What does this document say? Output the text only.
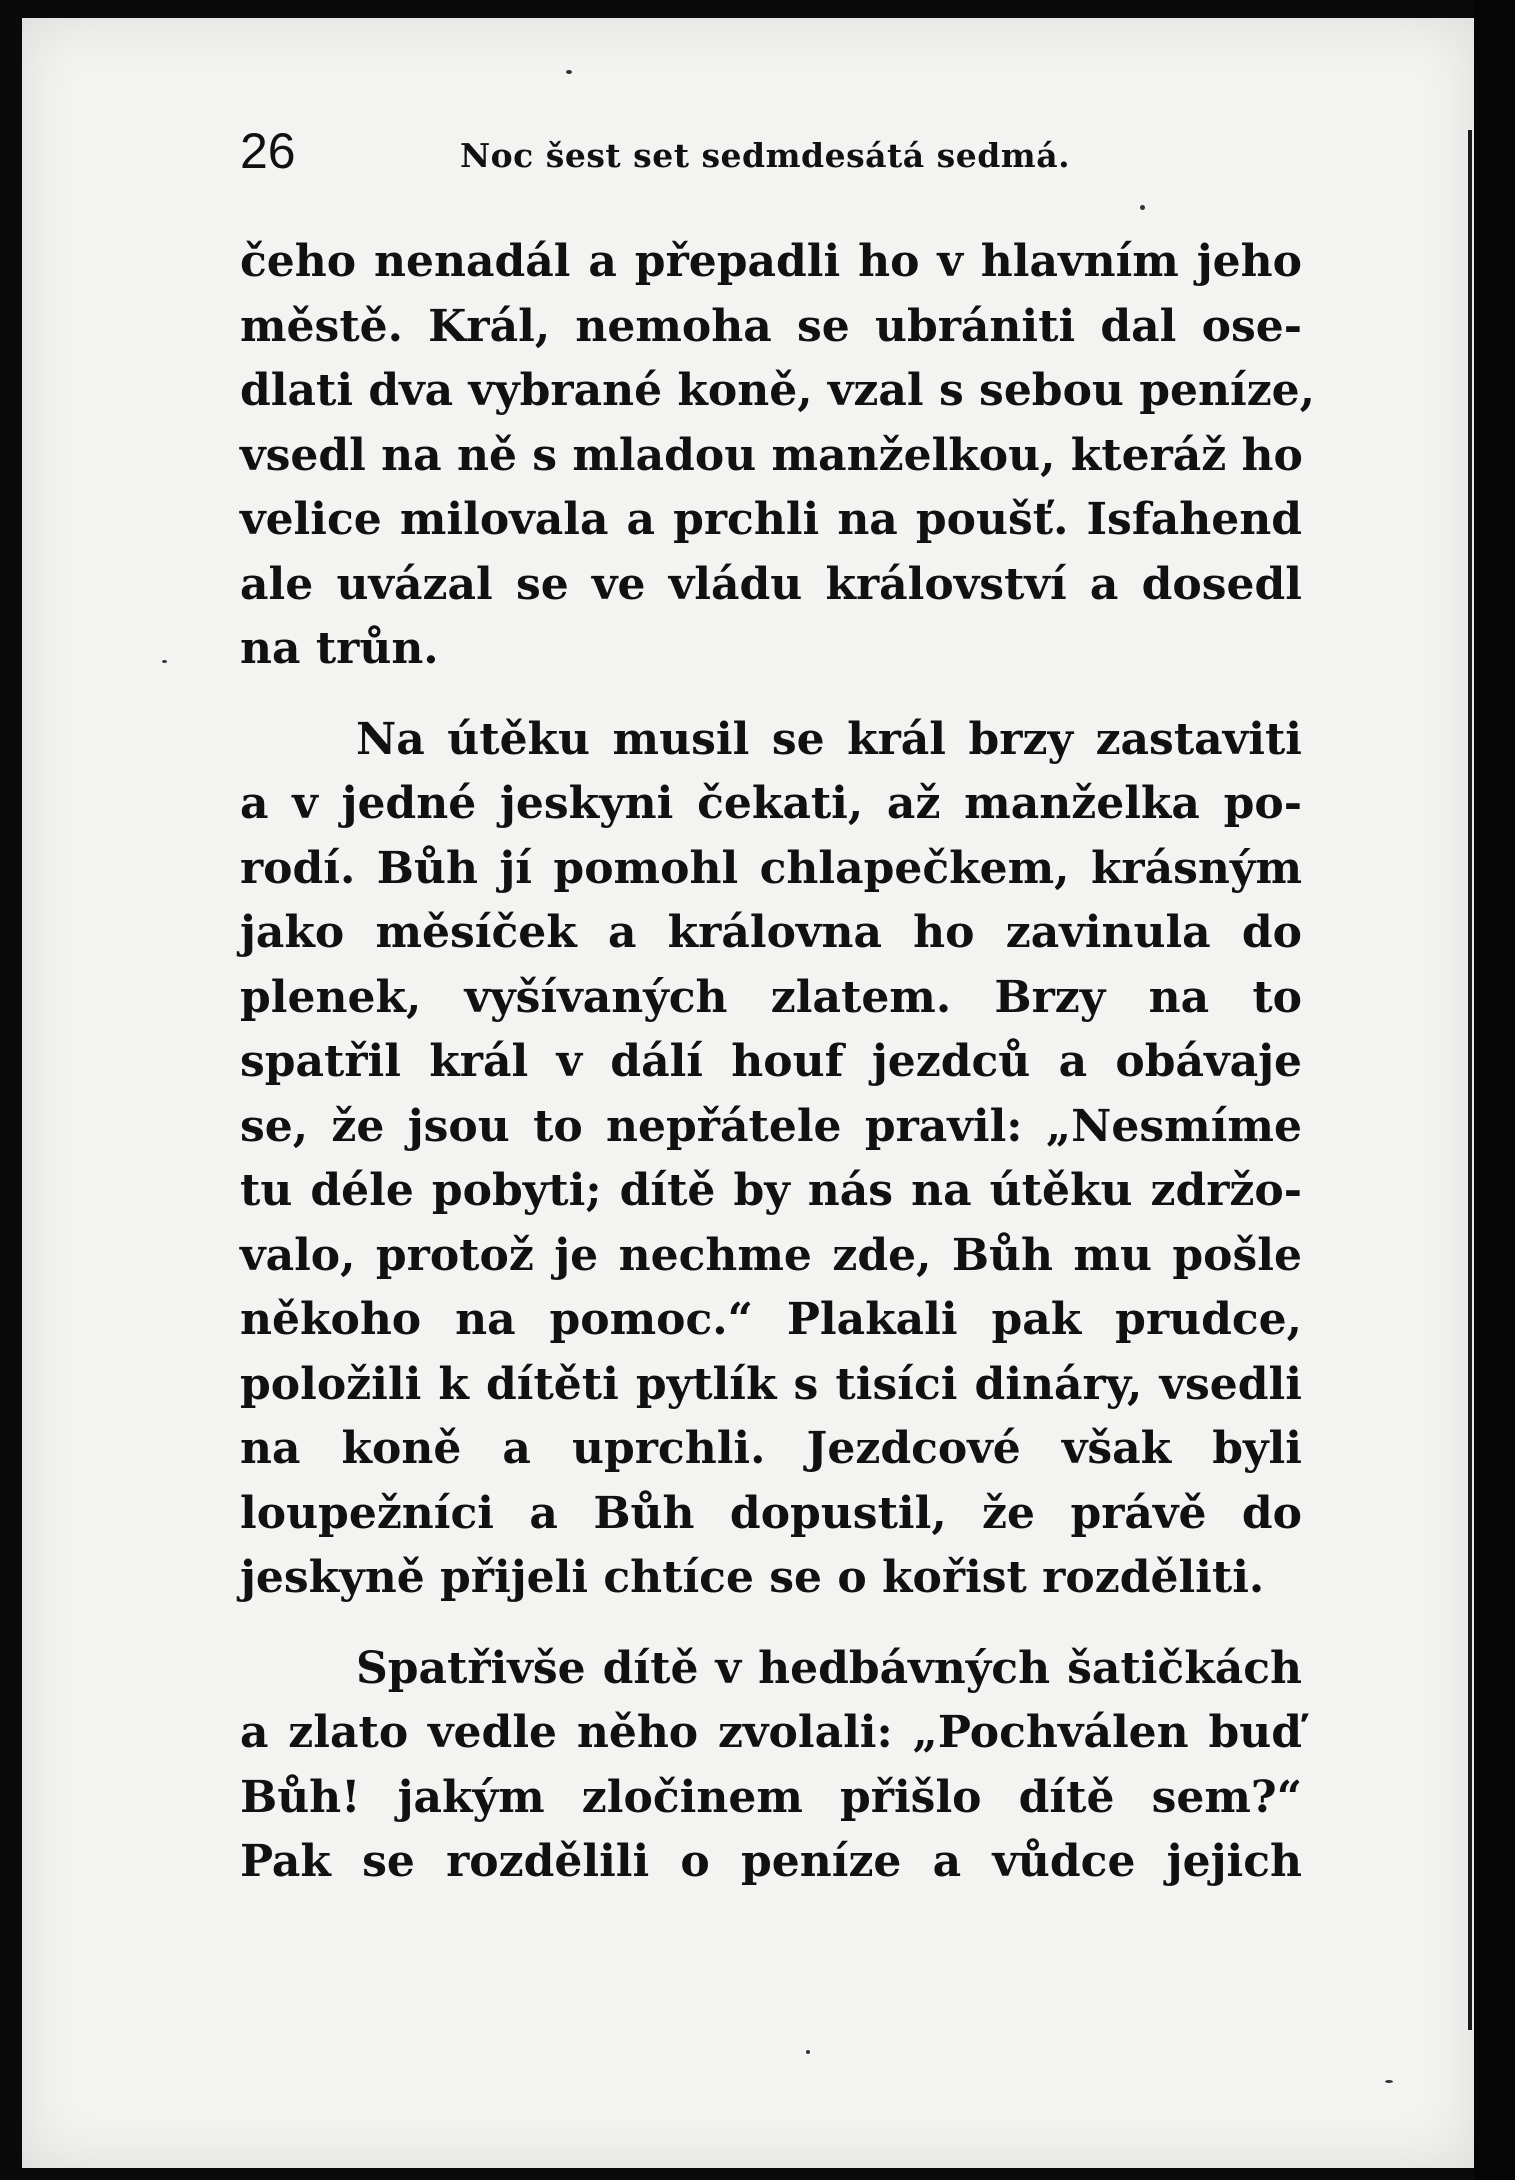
26	Noc šest set sedmdesátá sedmá.
čeho nenadál a přepadli ho v hlavním jeho
městě. Král, nemoha se ubrániti dal ose-
dlati dva vybrané koně, vzal s sebou peníze,
vsedl na ně s mladou manželkou, kteráž ho
velice milovala a prchli na poušť. Isfahend
ale uvázal se ve vládu království a dosedl
na trůn.
Na útěku musil se král brzy zastaviti
a v jedné jeskyni čekati, až manželka po-
rodí. Bůh jí pomohl chlapečkem, krásným
jako měsíček a královna ho zavinula do
plenek, vyšívaných zlatem. Brzy na to
spatřil král v dálí houf jezdců a obávaje
se, že jsou to nepřátele pravil: „Nesmíme
tu déle pobyti; dítě by nás na útěku zdržo-
valo, protož je nechme zde, Bůh mu pošle
někoho na pomoc.“ Plakali pak prudce,
položili k dítěti pytlík s tisíci dináry, vsedli
na koně a uprchli. Jezdcové však byli
loupežníci a Bůh dopustil, že právě do
jeskyně přijeli chtíce se o kořist rozděliti.
Spatřivše dítě v hedbávných šatičkách
a zlato vedle něho zvolali: „Pochválen buď
Bůh! jakým zločinem přišlo dítě sem?“
Pak se rozdělili o peníze a vůdce jejich
